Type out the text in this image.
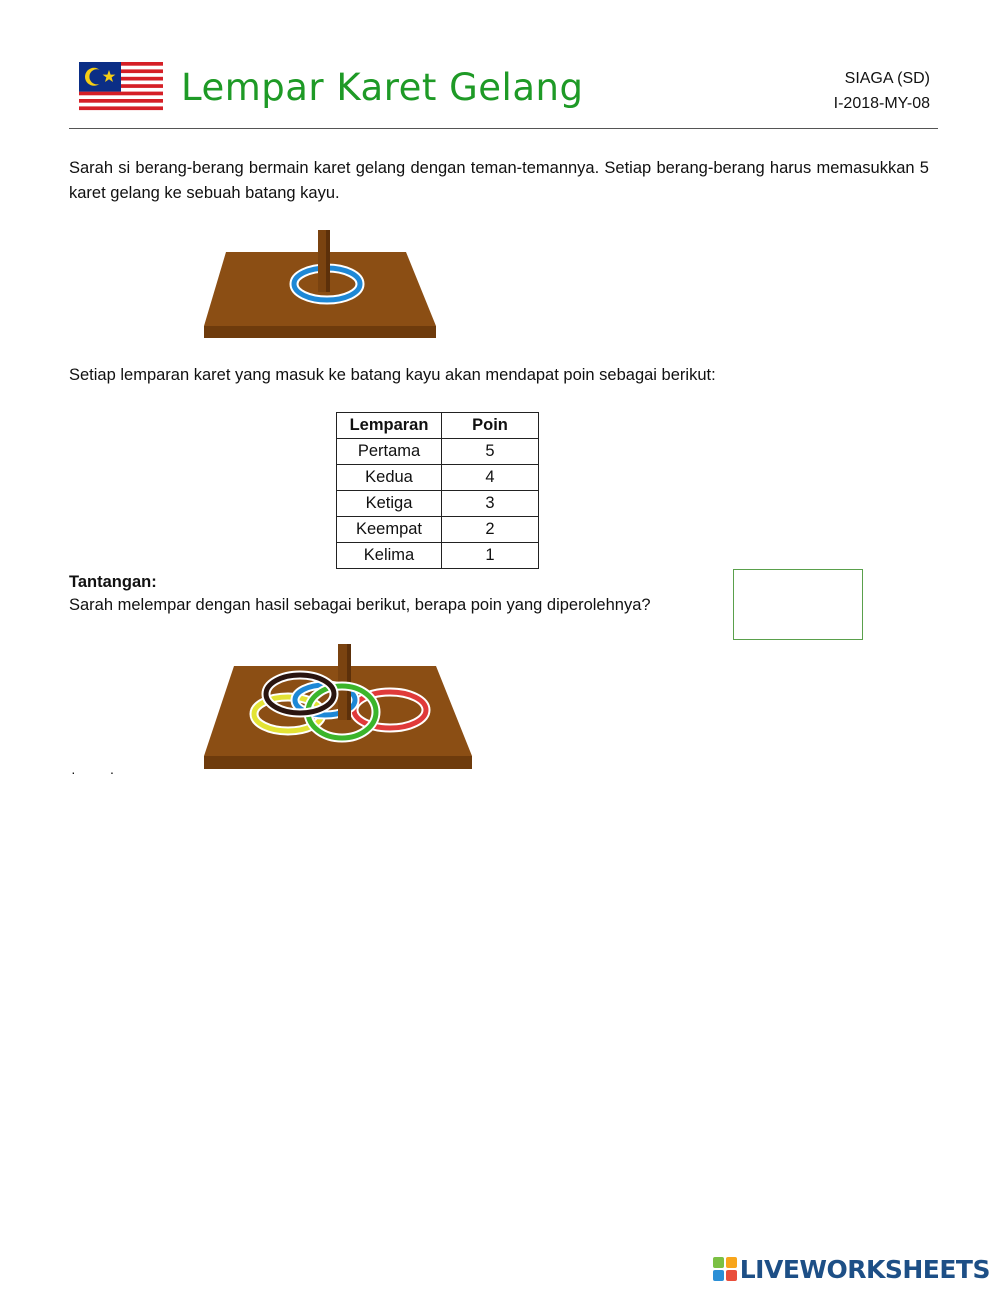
Lempar Karet Gelang	SIAGA (SD)
I-2018-MY-08
Sarah si berang-berang bermain karet gelang dengan teman-temannya. Setiap berang-berang harus memasukkan 5 karet gelang ke sebuah batang kayu.
Setiap lemparan karet yang masuk ke batang kayu akan mendapat poin sebagai berikut:
Lemparan	Poin
Pertama	5
Kedua	4
Ketiga	3
Keempat	2
Kelima	1
Tantangan:
Sarah melempar dengan hasil sebagai berikut, berapa poin yang diperolehnya?
··
LIVEWORKSHEETS
